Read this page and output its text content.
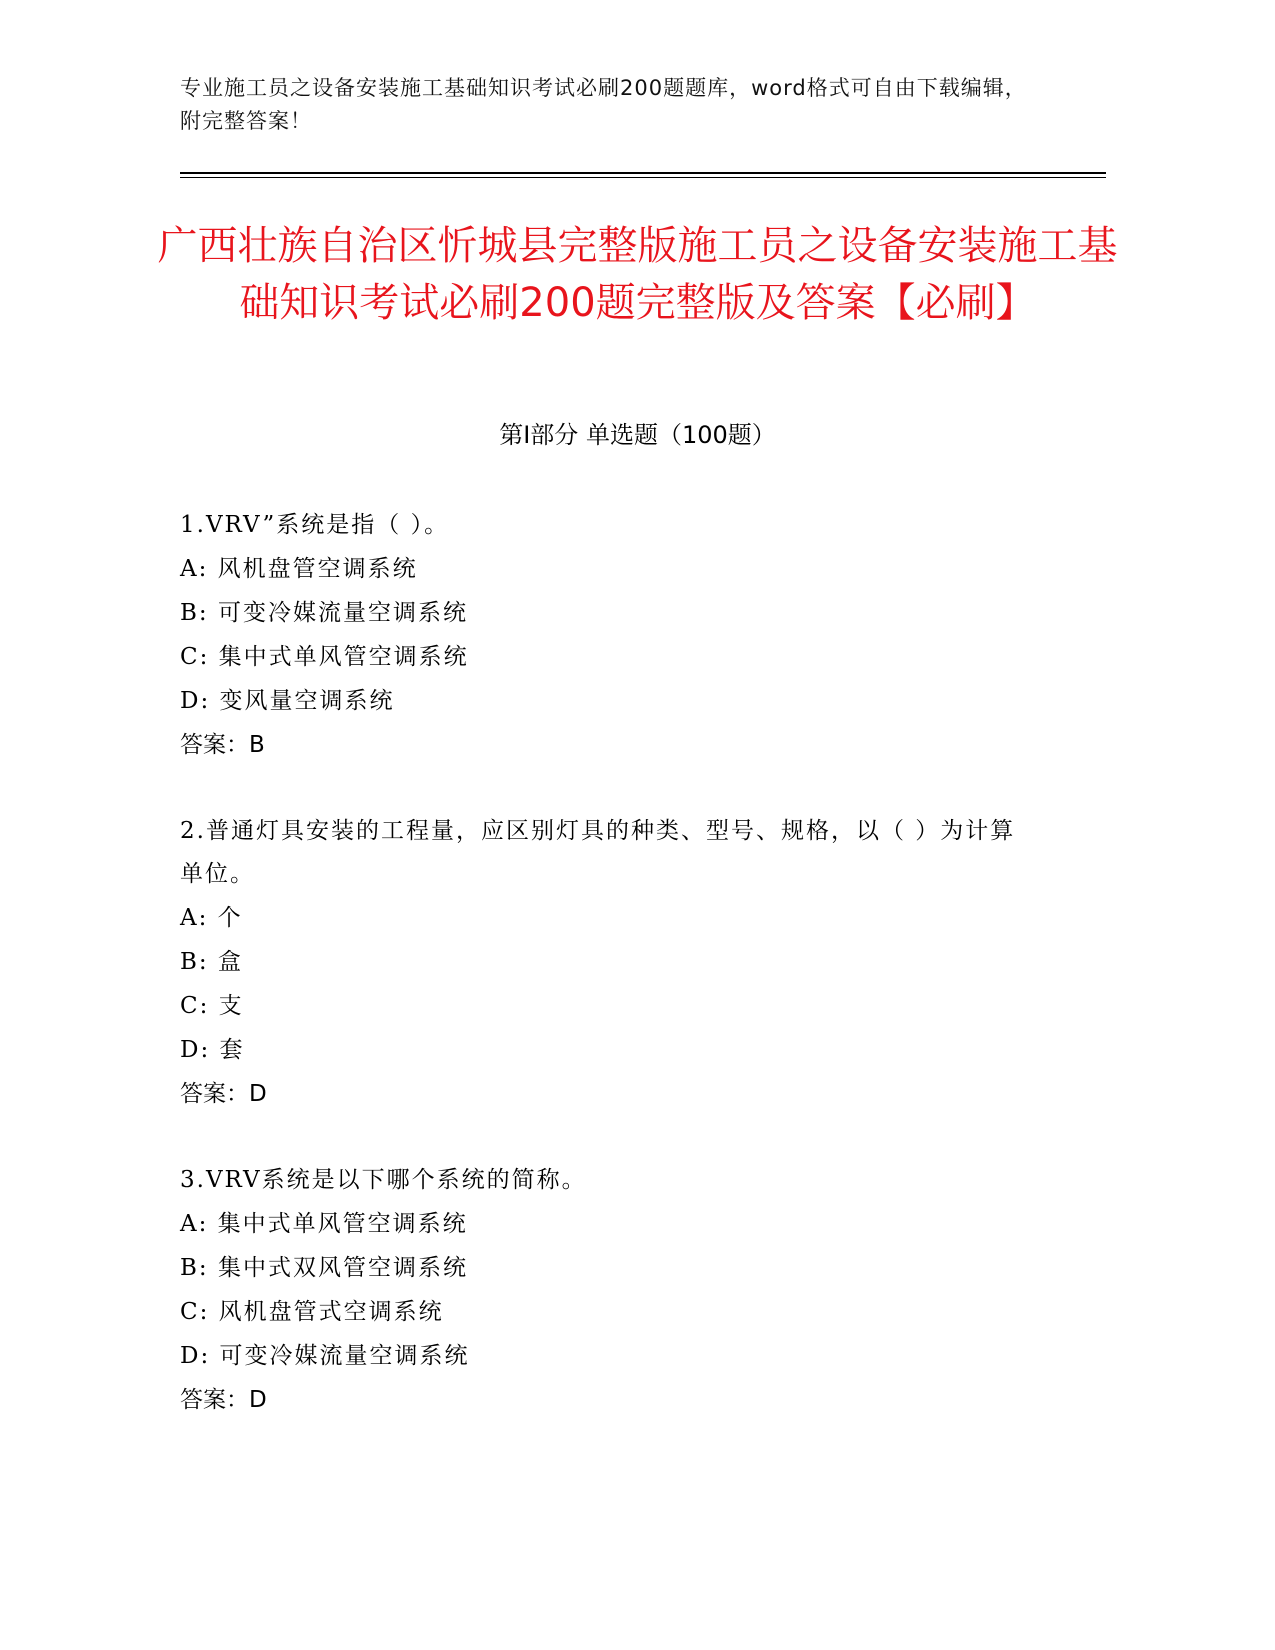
专业施工员之设备安装施工基础知识考试必刷200题题库，word格式可自由下载编辑，附完整答案！
广西壮族自治区忻城县完整版施工员之设备安装施工基础知识考试必刷200题完整版及答案【必刷】
第I部分 单选题（100题）

1.VRV”系统是指（ ）。

A: 风机盘管空调系统

B: 可变冷媒流量空调系统

C: 集中式单风管空调系统

D: 变风量空调系统

答案：B

2.普通灯具安装的工程量，应区别灯具的种类、型号、规格，以（ ）为计算单位。

A: 个

B: 盒

C: 支

D: 套

答案：D

3.VRV系统是以下哪个系统的简称。

A: 集中式单风管空调系统

B: 集中式双风管空调系统

C: 风机盘管式空调系统

D: 可变冷媒流量空调系统

答案：D
